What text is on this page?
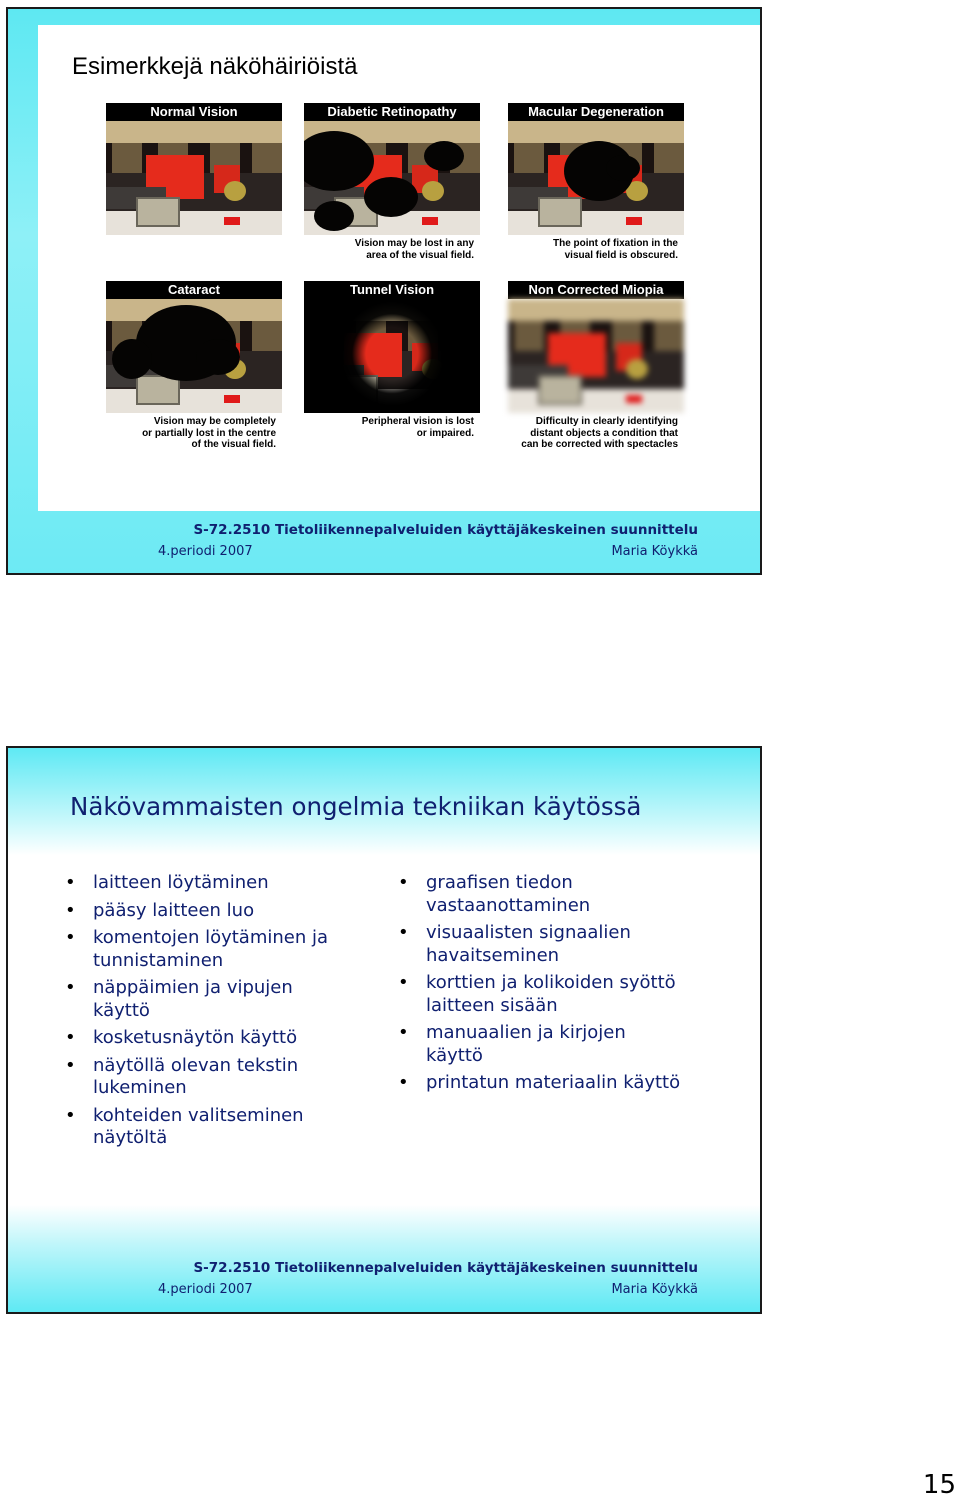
Esimerkkejä näköhäiriöistä
Normal Vision	Diabetic Retinopathy
Vision may be lost in any
area of the visual field.
Macular Degeneration
The point of fixation in the
visual field is obscured.
Cataract
Vision may be completely
or partially lost in the centre
of the visual field.
Tunnel Vision
Peripheral vision is lost
or impaired.
Non Corrected Miopia
Difficulty in clearly identifying
distant objects a condition that
can be corrected with spectacles
S-72.2510 Tietoliikennepalveluiden käyttäjäkeskeinen suunnittelu
4.periodi 2007	Maria Köykkä
Näkövammaisten ongelmia tekniikan käytössä
• laitteen löytäminen
• pääsy laitteen luo
• komentojen löytäminen ja
tunnistaminen
• näppäimien ja vipujen
käyttö
• kosketusnäytön käyttö
• näytöllä olevan tekstin
lukeminen
• kohteiden valitseminen
näytöltä
• graafisen tiedon
vastaanottaminen
• visuaalisten signaalien
havaitseminen
• korttien ja kolikoiden syöttö
laitteen sisään
• manuaalien ja kirjojen
käyttö
• printatun materiaalin käyttö
S-72.2510 Tietoliikennepalveluiden käyttäjäkeskeinen suunnittelu
4.periodi 2007	Maria Köykkä
15
